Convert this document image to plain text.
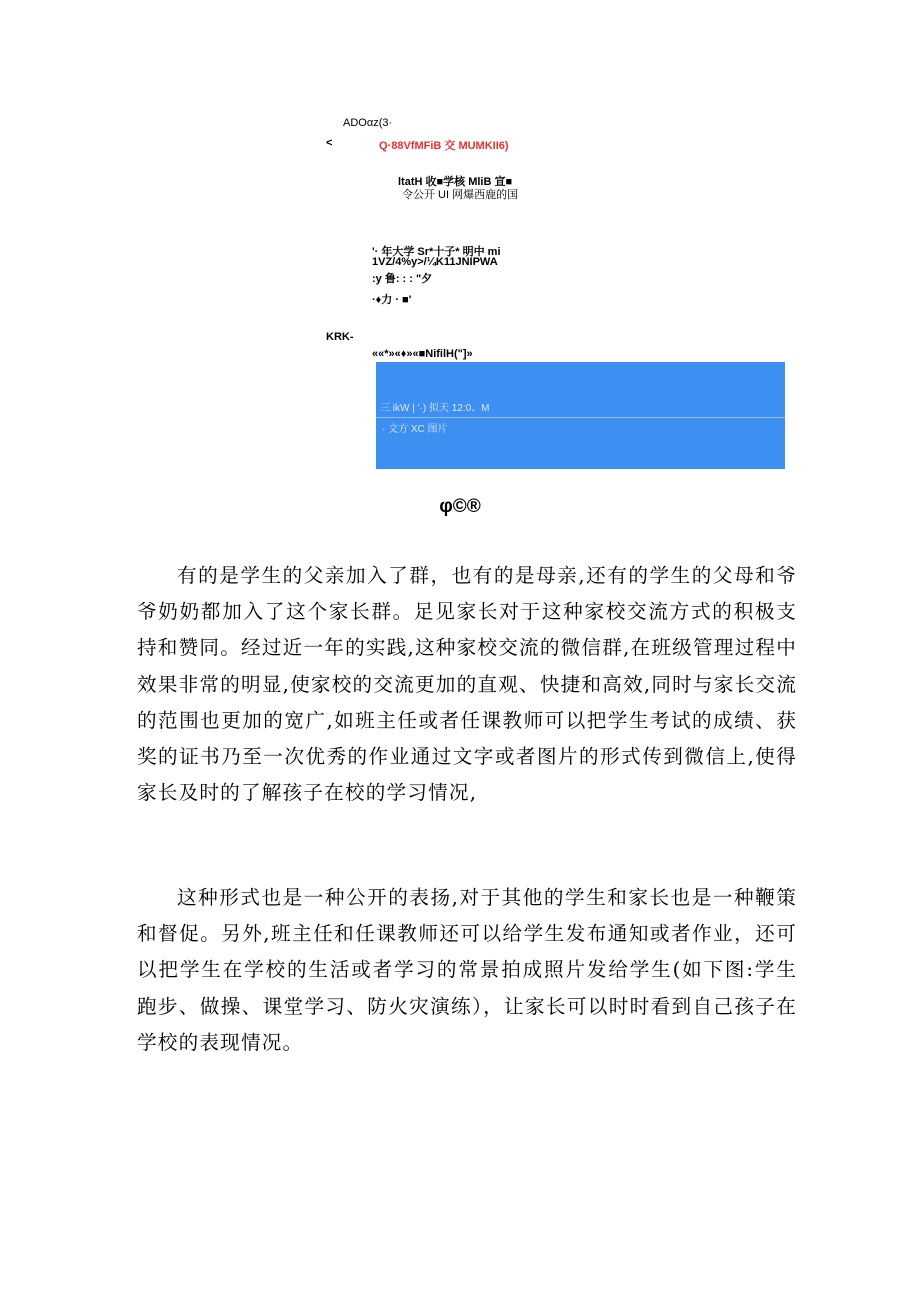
ADOαz(3·
<	Q·88VfMFiB 交 MUMKII6)
ltatH 收■学核 MliB 宣■
令公开 UI 网爆西鹿的国
'· 年大学 Sr*十子* 明中 mi
1VZ/4%y>/¼K11JNIPWA
:y 鲁: : : "夕
·♦力 · ■'
KRK-
««*»«♦»«■NifilH("]»
三 ikW | '·) 拟天 12:0、M
· 文方 XC 图片
φ©®

有的是学生的父亲加入了群，也有的是母亲,还有的学生的父母和爷爷奶奶都加入了这个家长群。足见家长对于这种家校交流方式的积极支持和赞同。经过近一年的实践,这种家校交流的微信群,在班级管理过程中效果非常的明显,使家校的交流更加的直观、快捷和高效,同时与家长交流的范围也更加的宽广,如班主任或者任课教师可以把学生考试的成绩、获奖的证书乃至一次优秀的作业通过文字或者图片的形式传到微信上,使得家长及时的了解孩子在校的学习情况,

这种形式也是一种公开的表扬,对于其他的学生和家长也是一种鞭策和督促。另外,班主任和任课教师还可以给学生发布通知或者作业，还可以把学生在学校的生活或者学习的常景拍成照片发给学生(如下图:学生跑步、做操、课堂学习、防火灾演练），让家长可以时时看到自己孩子在学校的表现情况。
